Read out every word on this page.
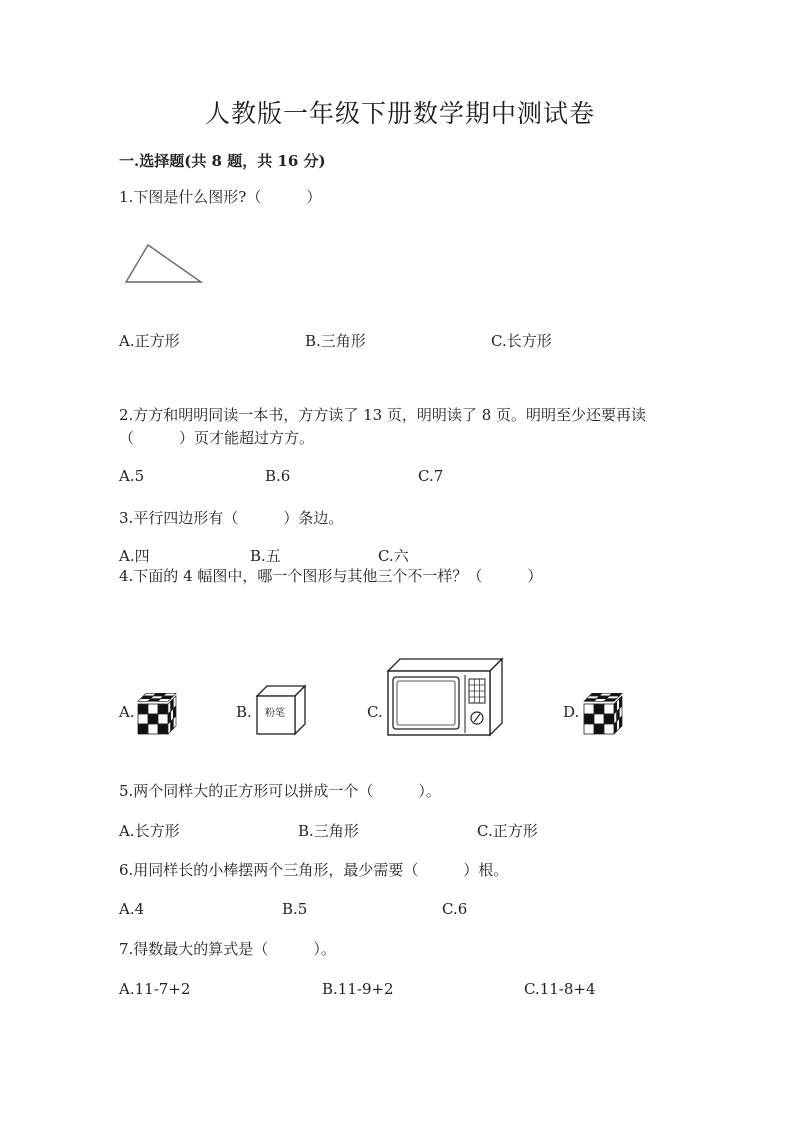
人教版一年级下册数学期中测试卷
一.选择题(共 8 题，共 16 分)
1.下图是什么图形?（　　　）
A.正方形	B.三角形	C.长方形
2.方方和明明同读一本书，方方读了 13 页，明明读了 8 页。明明至少还要再读
（　　　）页才能超过方方。
A.5	B.6	C.7
3.平行四边形有（　　　）条边。
A.四	B.五	C.六
4.下面的 4 幅图中，哪一个图形与其他三个不一样？（　　　）
A.	B.	粉笔	C.	D.
5.两个同样大的正方形可以拼成一个（　　　）。
A.长方形	B.三角形	C.正方形
6.用同样长的小棒摆两个三角形，最少需要（　　　）根。
A.4	B.5	C.6
7.得数最大的算式是（　　　）。
A.11-7+2	B.11-9+2	C.11-8+4
